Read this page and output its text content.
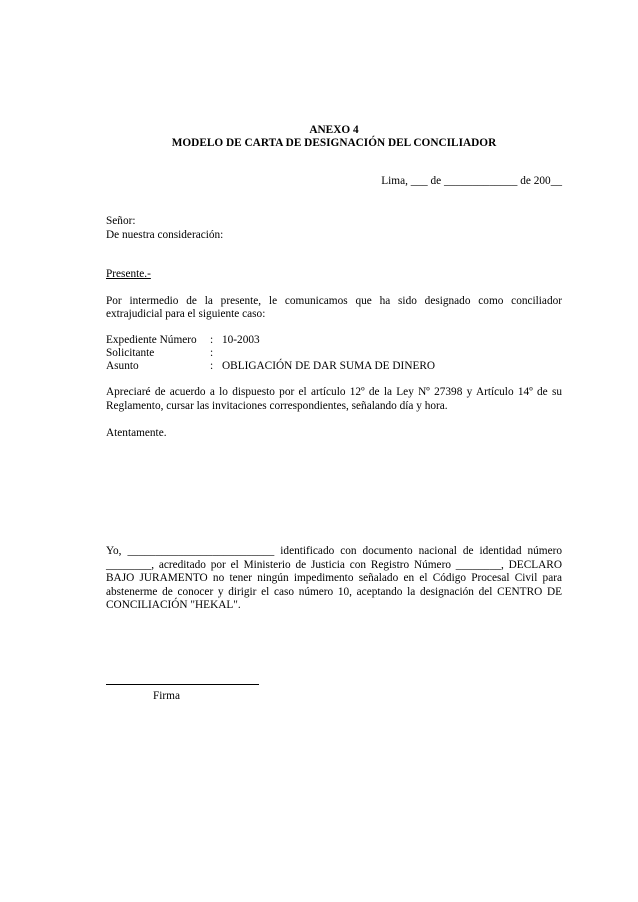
ANEXO 4
MODELO DE CARTA DE DESIGNACIÓN DEL CONCILIADOR
Lima, ___ de _____________ de 200__
Señor:
De nuestra consideración:
Presente.-
Por intermedio de la presente, le comunicamos que ha sido designado como conciliador
extrajudicial para el siguiente caso:
Expediente Número : 10-2003
Solicitante	:
Asunto	: OBLIGACIÓN DE DAR SUMA DE DINERO
Apreciaré de acuerdo a lo dispuesto por el artículo 12º de la Ley Nº 27398 y Artículo 14º de su
Reglamento, cursar las invitaciones correspondientes, señalando día y hora.
Atentamente.
Yo, __________________________ identificado con documento nacional de identidad número
________, acreditado por el Ministerio de Justicia con Registro Número ________, DECLARO
BAJO JURAMENTO no tener ningún impedimento señalado en el Código Procesal Civil para
abstenerme de conocer y dirigir el caso número 10, aceptando la designación del CENTRO DE
CONCILIACIÓN "HEKAL".
Firma
